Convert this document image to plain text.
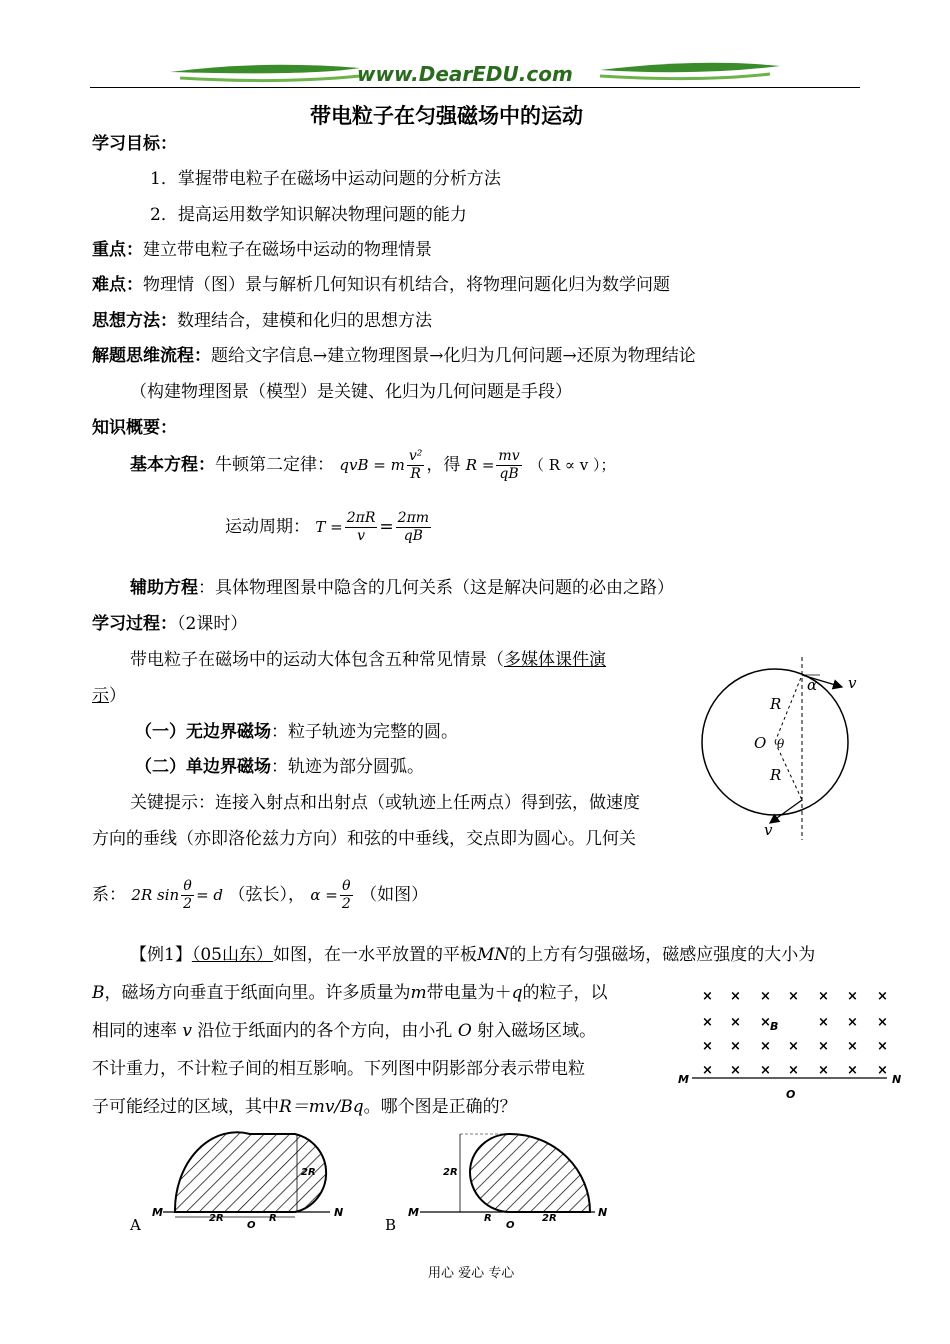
www.DearEDU.com
带电粒子在匀强磁场中的运动
学习目标：
1．掌握带电粒子在磁场中运动问题的分析方法
2．提高运用数学知识解决物理问题的能力
重点：建立带电粒子在磁场中运动的物理情景
难点：物理情（图）景与解析几何知识有机结合，将物理问题化归为数学问题
思想方法：数理结合，建模和化归的思想方法
解题思维流程：题给文字信息→建立物理图景→化归为几何问题→还原为物理结论
（构建物理图景（模型）是关键、化归为几何问题是手段）
知识概要：
基本方程：牛顿第二定律： qvB = m $\frac{\text{v²}}{R}$ ，得 $R = \frac{mv}{qB}$ （ R ∝ v ）；
运动周期： $T = \frac{2\pi R}{v} = \frac{2\pi m}{qB}$
辅助方程：具体物理图景中隐含的几何关系（这是解决问题的必由之路）
学习过程：（2课时）
带电粒子在磁场中的运动大体包含五种常见情景（多媒体课件演
示）
（一）无边界磁场：粒子轨迹为完整的圆。
（二）单边界磁场：轨迹为部分圆弧。
关键提示：连接入射点和出射点（或轨迹上任两点）得到弦，做速度
方向的垂线（亦即洛伦兹力方向）和弦的中垂线，交点即为圆心。几何关
系： 2R $\sin \frac{\theta}{2} = d$ （弦长）， $\alpha = \frac{\theta}{2}$ （如图）
v
α
R
O θ
R
v
【例1】（05山东）如图，在一水平放置的平板MN的上方有匀强磁场，磁感应强度的大小为
B，磁场方向垂直于纸面向里。许多质量为m带电量为＋q的粒子，以
相同的速率 v 沿位于纸面内的各个方向，由小孔 O 射入磁场区域。
不计重力，不计粒子间的相互影响。下列图中阴影部分表示带电粒
子可能经过的区域，其中R＝mv/Bq。哪个图是正确的？
M	N
O
B
× × × × × × ×
× × ×	× × ×
× × × × × × ×
× × × × × × ×
M	N
2R	R
O
2R
A
M	N
R	2R
O
2R
B
用心 爱心 专心
